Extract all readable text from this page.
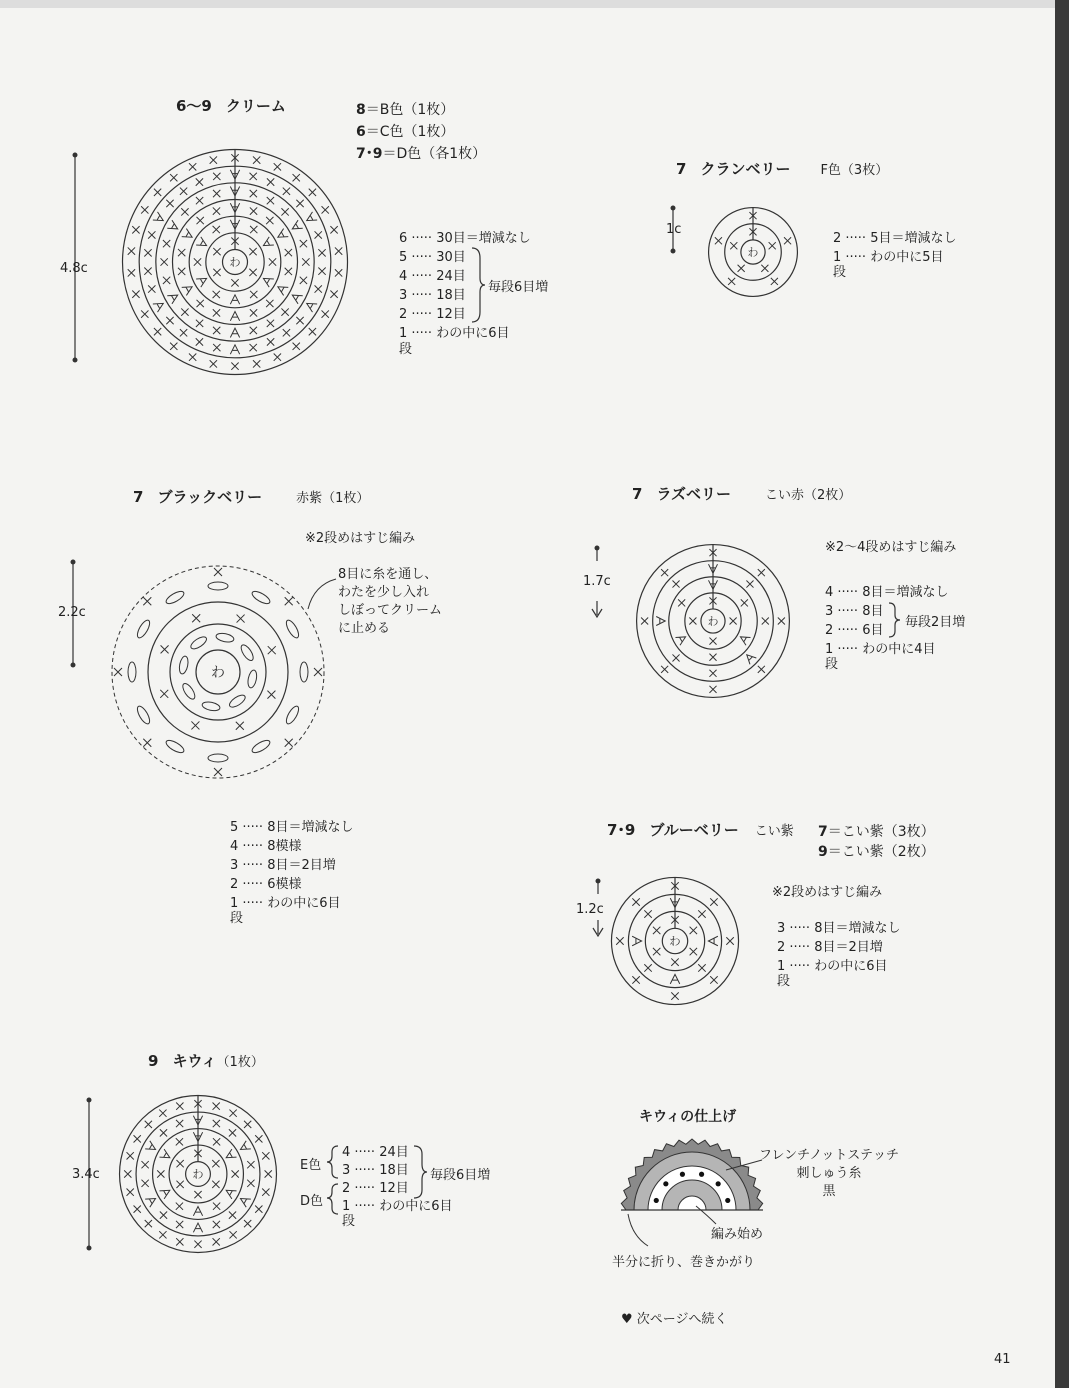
6〜9 クリーム	8＝B色（1枚）
6＝C色（1枚）
7･9＝D色（各1枚）
4.8c	わ
6 ····· 30目＝増減なし
5 ····· 30目
4 ····· 24目
3 ····· 18目
2 ····· 12目
1 ····· わの中に6目
段
毎段6目増
7 クランベリー F色（3枚）
1c
わ
2 ····· 5目＝増減なし
1 ····· わの中に5目
段
7 ブラックベリー	赤紫（1枚）
※2段めはすじ編み
2.2c
わ
8目に糸を通し、
わたを少し入れ
しぼってクリーム
に止める
5 ····· 8目＝増減なし
4 ····· 8模様
3 ····· 8目＝2目増
2 ····· 6模様
1 ····· わの中に6目
段
7 ラズベリー	こい赤（2枚）
※2〜4段めはすじ編み
1.7c
わ
4 ····· 8目＝増減なし
3 ····· 8目
2 ····· 6目
1 ····· わの中に4目
段
毎段2目増
7･9 ブルーベリー こい紫 7＝こい紫（3枚）
9＝こい紫（2枚）
※2段めはすじ編み
1.2c
わ
3 ····· 8目＝増減なし
2 ····· 8目＝2目増
1 ····· わの中に6目
段
9 キウィ（1枚）
3.4c	わ
E色
D色
4 ····· 24目
3 ····· 18目
2 ····· 12目
1 ····· わの中に6目
段
毎段6目増
キウィの仕上げ
フレンチノットステッチ
刺しゅう糸
黒
編み始め
半分に折り、巻きかがり
♥ 次ページへ続く
41
